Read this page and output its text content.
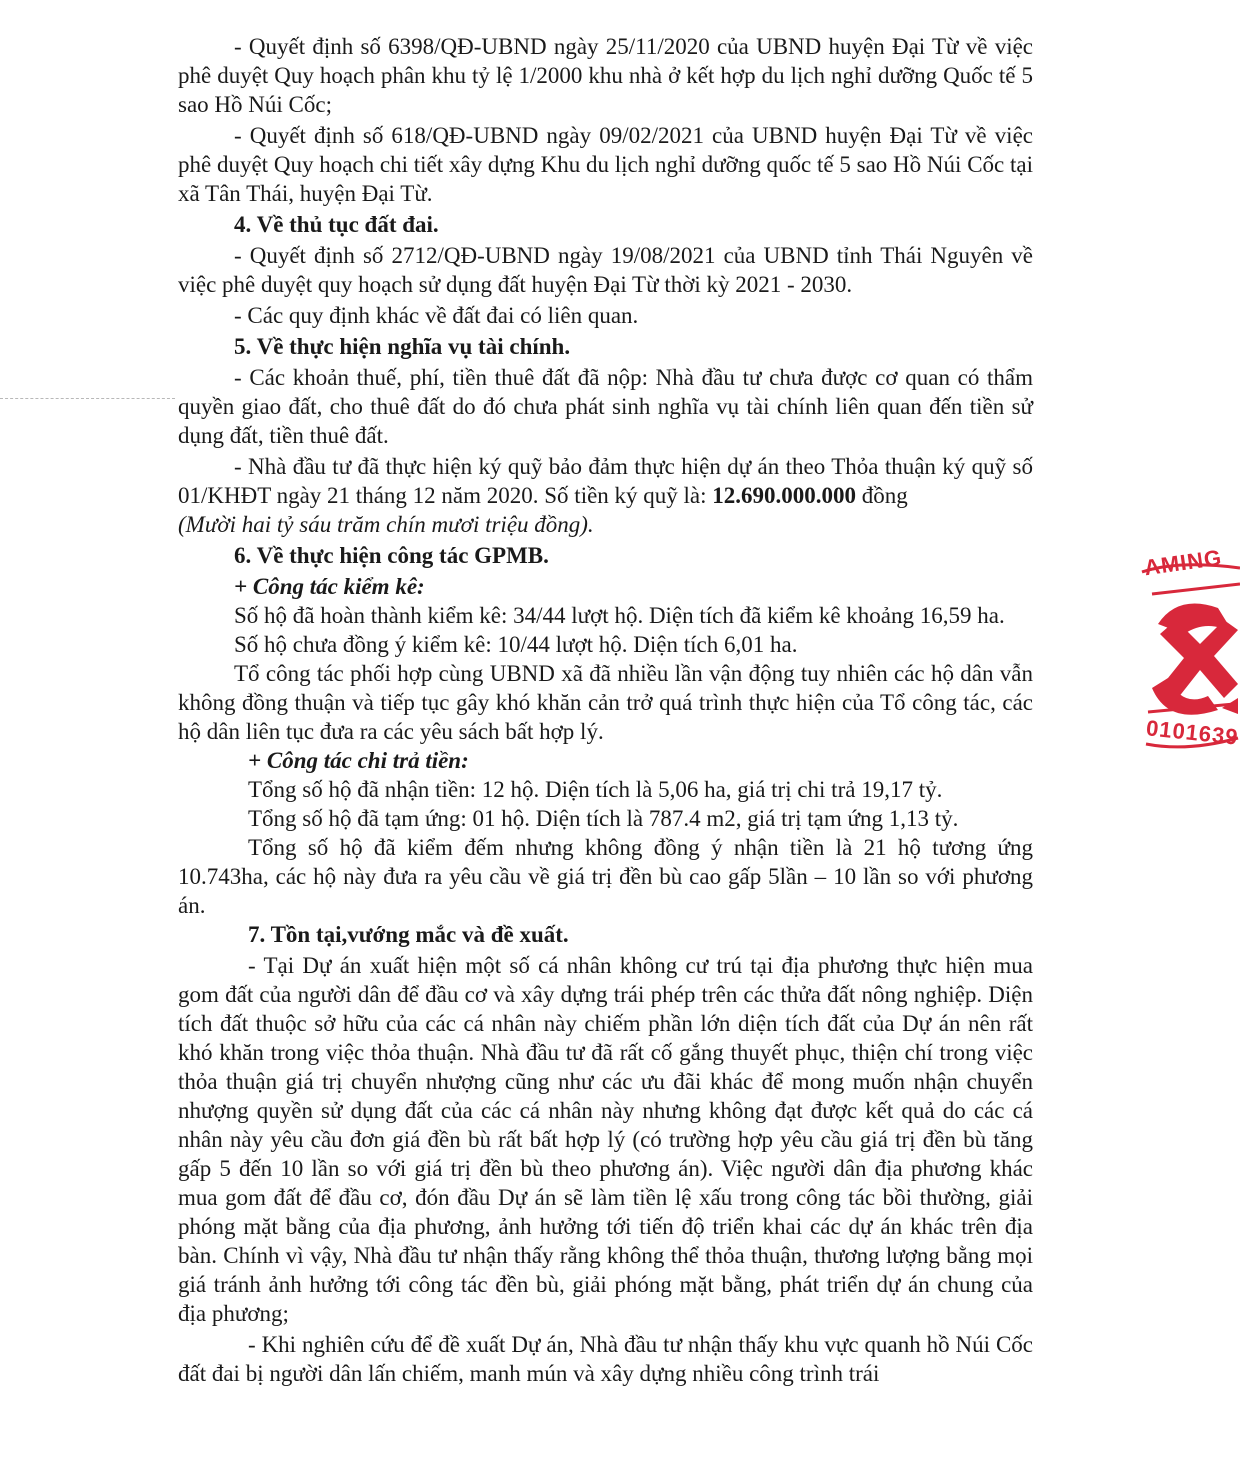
- Quyết định số 6398/QĐ-UBND ngày 25/11/2020 của UBND huyện Đại Từ về việc phê duyệt Quy hoạch phân khu tỷ lệ 1/2000 khu nhà ở kết hợp du lịch nghỉ dưỡng Quốc tế 5 sao Hồ Núi Cốc;

- Quyết định số 618/QĐ-UBND ngày 09/02/2021 của UBND huyện Đại Từ về việc phê duyệt Quy hoạch chi tiết xây dựng Khu du lịch nghỉ dưỡng quốc tế 5 sao Hồ Núi Cốc tại xã Tân Thái, huyện Đại Từ.

4. Về thủ tục đất đai.

- Quyết định số 2712/QĐ-UBND ngày 19/08/2021 của UBND tỉnh Thái Nguyên về việc phê duyệt quy hoạch sử dụng đất huyện Đại Từ thời kỳ 2021 - 2030.

- Các quy định khác về đất đai có liên quan.

5. Về thực hiện nghĩa vụ tài chính.

- Các khoản thuế, phí, tiền thuê đất đã nộp: Nhà đầu tư chưa được cơ quan có thẩm quyền giao đất, cho thuê đất do đó chưa phát sinh nghĩa vụ tài chính liên quan đến tiền sử dụng đất, tiền thuê đất.

- Nhà đầu tư đã thực hiện ký quỹ bảo đảm thực hiện dự án theo Thỏa thuận ký quỹ số 01/KHĐT ngày 21 tháng 12 năm 2020. Số tiền ký quỹ là: 12.690.000.000 đồng

(Mười hai tỷ sáu trăm chín mươi triệu đồng).

6. Về thực hiện công tác GPMB.

+ Công tác kiểm kê:

Số hộ đã hoàn thành kiểm kê: 34/44 lượt hộ. Diện tích đã kiểm kê khoảng 16,59 ha.

Số hộ chưa đồng ý kiểm kê: 10/44 lượt hộ. Diện tích 6,01 ha.

Tổ công tác phối hợp cùng UBND xã đã nhiều lần vận động tuy nhiên các hộ dân vẫn không đồng thuận và tiếp tục gây khó khăn cản trở quá trình thực hiện của Tổ công tác, các hộ dân liên tục đưa ra các yêu sách bất hợp lý.

+ Công tác chi trả tiền:

Tổng số hộ đã nhận tiền: 12 hộ. Diện tích là 5,06 ha, giá trị chi trả 19,17 tỷ.

Tổng số hộ đã tạm ứng: 01 hộ. Diện tích là 787.4 m2, giá trị tạm ứng 1,13 tỷ.

Tổng số hộ đã kiểm đếm nhưng không đồng ý nhận tiền là 21 hộ tương ứng 10.743ha, các hộ này đưa ra yêu cầu về giá trị đền bù cao gấp 5lần – 10 lần so với phương án.

7. Tồn tại,vướng mắc và đề xuất.

- Tại Dự án xuất hiện một số cá nhân không cư trú tại địa phương thực hiện mua gom đất của người dân để đầu cơ và xây dựng trái phép trên các thửa đất nông nghiệp. Diện tích đất thuộc sở hữu của các cá nhân này chiếm phần lớn diện tích đất của Dự án nên rất khó khăn trong việc thỏa thuận. Nhà đầu tư đã rất cố gắng thuyết phục, thiện chí trong việc thỏa thuận giá trị chuyển nhượng cũng như các ưu đãi khác để mong muốn nhận chuyển nhượng quyền sử dụng đất của các cá nhân này nhưng không đạt được kết quả do các cá nhân này yêu cầu đơn giá đền bù rất bất hợp lý (có trường hợp yêu cầu giá trị đền bù tăng gấp 5 đến 10 lần so với giá trị đền bù theo phương án). Việc người dân địa phương khác mua gom đất để đầu cơ, đón đầu Dự án sẽ làm tiền lệ xấu trong công tác bồi thường, giải phóng mặt bằng của địa phương, ảnh hưởng tới tiến độ triển khai các dự án khác trên địa bàn. Chính vì vậy, Nhà đầu tư nhận thấy rằng không thể thỏa thuận, thương lượng bằng mọi giá tránh ảnh hưởng tới công tác đền bù, giải phóng mặt bằng, phát triển dự án chung của địa phương;

- Khi nghiên cứu để đề xuất Dự án, Nhà đầu tư nhận thấy khu vực quanh hồ Núi Cốc đất đai bị người dân lấn chiếm, manh mún và xây dựng nhiều công trình trái

AMING
0101639
